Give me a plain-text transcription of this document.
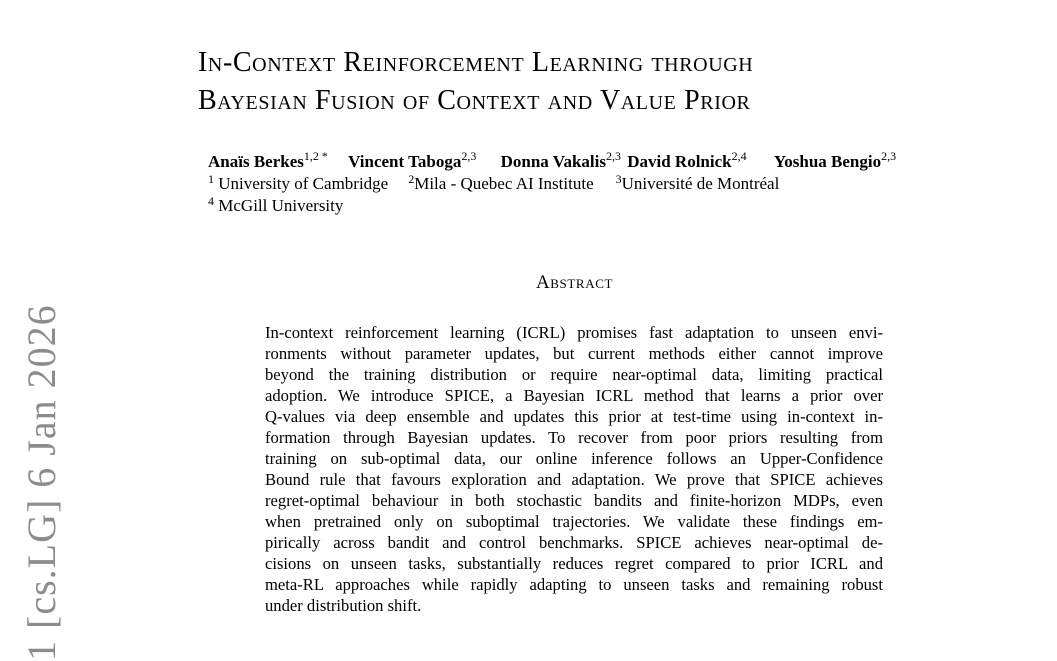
1 [cs.LG] 6 Jan 2026
In-Context Reinforcement Learning through
Bayesian Fusion of Context and Value Prior
Anaïs Berkes$^{1,2 *}$ Vincent Taboga$^{2,3}$ Donna Vakalis$^{2,3}$ David Rolnick$^{2,4}$ Yoshua Bengio$^{2,3}$
$^1$ University of Cambridge $^2$Mila - Quebec AI Institute $^3$Université de Montréal
$^4$ McGill University
Abstract
In-context reinforcement learning (ICRL) promises fast adaptation to unseen envi-
ronments without parameter updates, but current methods either cannot improve
beyond the training distribution or require near-optimal data, limiting practical
adoption. We introduce SPICE, a Bayesian ICRL method that learns a prior over
Q-values via deep ensemble and updates this prior at test-time using in-context in-
formation through Bayesian updates. To recover from poor priors resulting from
training on sub-optimal data, our online inference follows an Upper-Confidence
Bound rule that favours exploration and adaptation. We prove that SPICE achieves
regret-optimal behaviour in both stochastic bandits and finite-horizon MDPs, even
when pretrained only on suboptimal trajectories. We validate these findings em-
pirically across bandit and control benchmarks. SPICE achieves near-optimal de-
cisions on unseen tasks, substantially reduces regret compared to prior ICRL and
meta-RL approaches while rapidly adapting to unseen tasks and remaining robust
under distribution shift.
